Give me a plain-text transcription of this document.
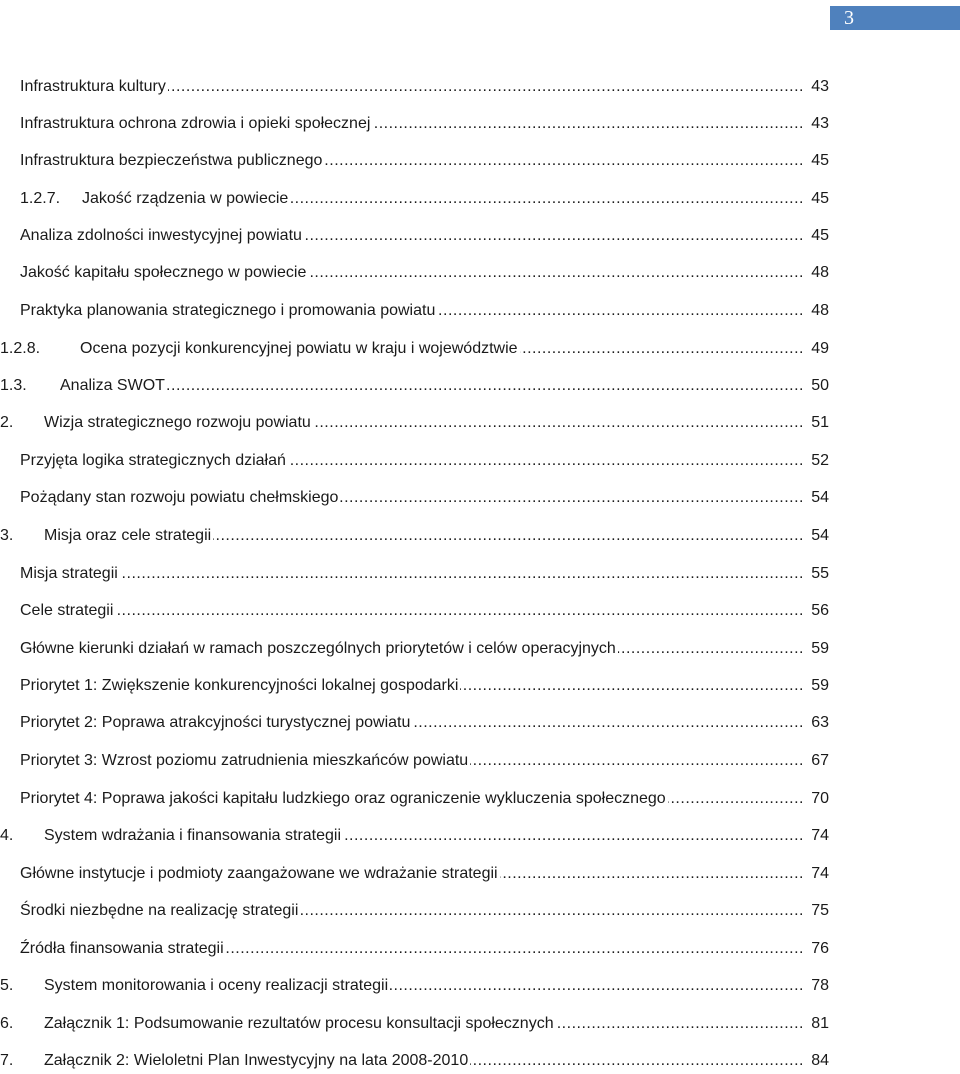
3
Infrastruktura kultury .....	43
Infrastruktura ochrona zdrowia i opieki społecznej .....	43
Infrastruktura bezpieczeństwa publicznego .....	45
1.2.7. Jakość rządzenia w powiecie .....	45
Analiza zdolności inwestycyjnej powiatu .....	45
Jakość kapitału społecznego w powiecie .....	48
Praktyka planowania strategicznego i promowania powiatu .....	48
1.2.8. Ocena pozycji konkurencyjnej powiatu w kraju i województwie .....	49
1.3. Analiza SWOT .....	50
2. Wizja strategicznego rozwoju powiatu .....	51
Przyjęta logika strategicznych działań .....	52
Pożądany stan rozwoju powiatu chełmskiego .....	54
3. Misja oraz cele strategii .....	54
Misja strategii .....	55
Cele strategii .....	56
Główne kierunki działań w ramach poszczególnych priorytetów i celów operacyjnych .....	59
Priorytet 1: Zwiększenie konkurencyjności lokalnej gospodarki .....	59
Priorytet 2: Poprawa atrakcyjności turystycznej powiatu .....	63
Priorytet 3: Wzrost poziomu zatrudnienia mieszkańców powiatu .....	67
Priorytet 4: Poprawa jakości kapitału ludzkiego oraz ograniczenie wykluczenia społecznego .....	70
4. System wdrażania i finansowania strategii .....	74
Główne instytucje i podmioty zaangażowane we wdrażanie strategii .....	74
Środki niezbędne na realizację strategii .....	75
Źródła finansowania strategii .....	76
5. System monitorowania i oceny realizacji strategii .....	78
6. Załącznik 1: Podsumowanie rezultatów procesu konsultacji społecznych .....	81
7. Załącznik 2: Wieloletni Plan Inwestycyjny na lata 2008-2010 .....	84
